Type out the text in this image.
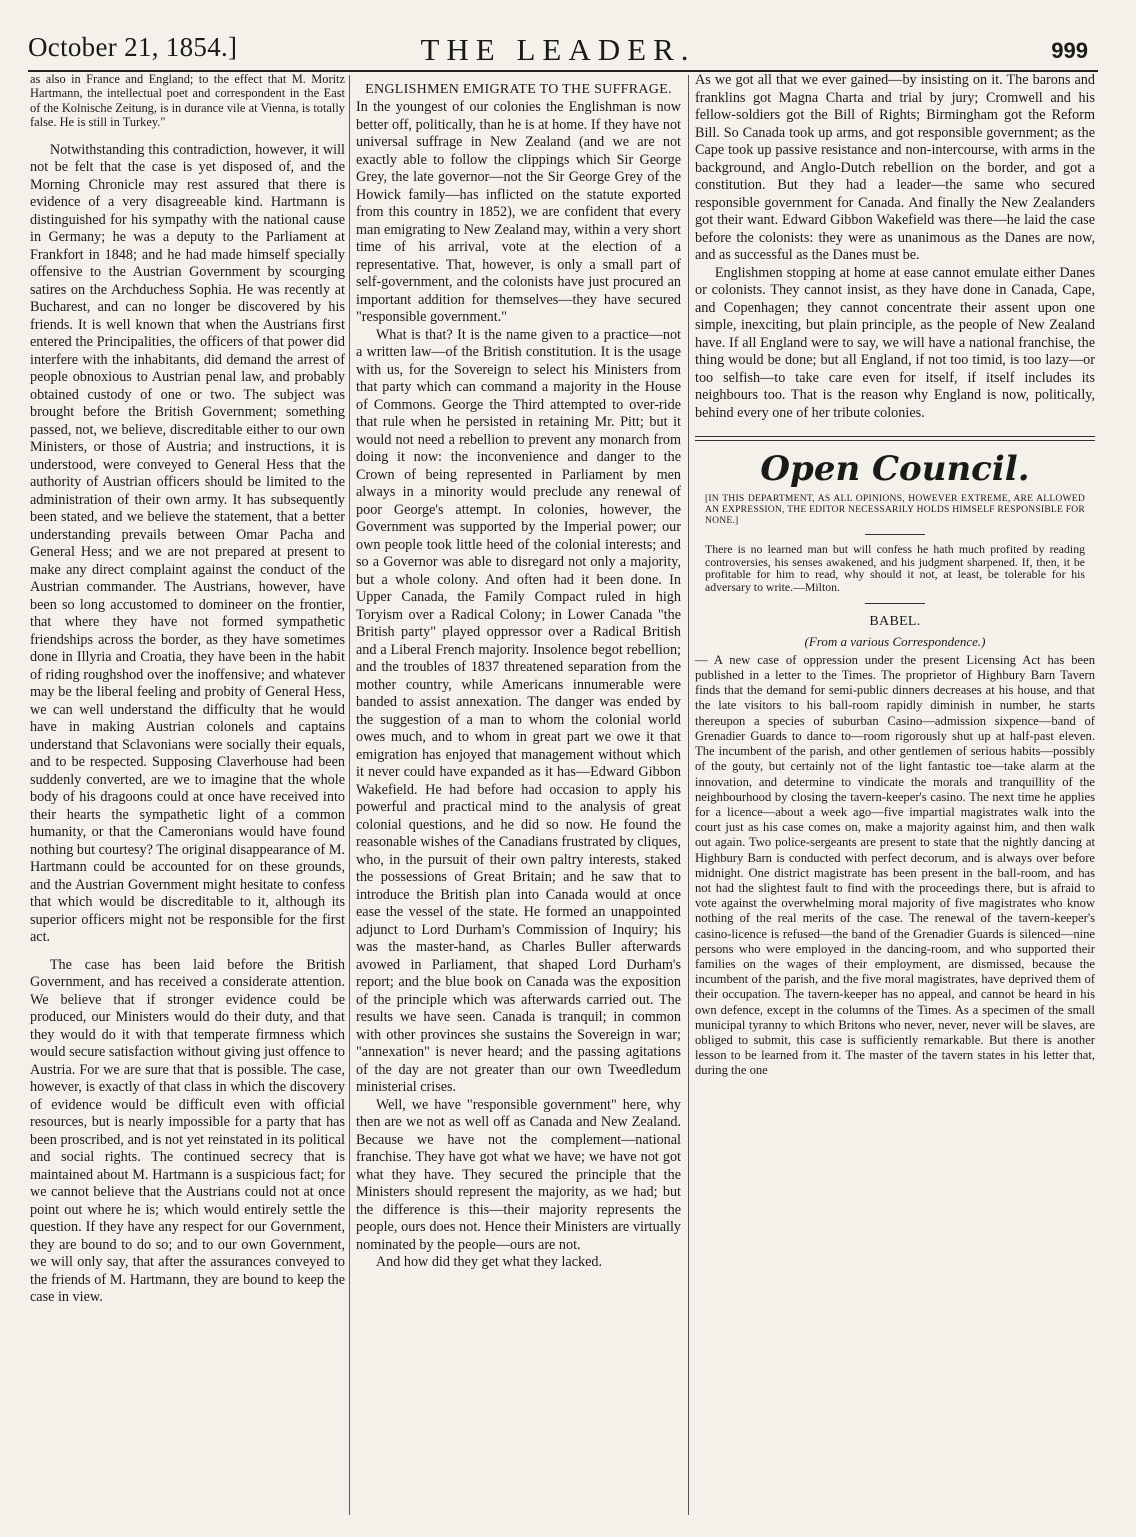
October 21, 1854.]	THE LEADER.	999
as also in France and England; to the effect that M. Moritz Hartmann, the intellectual poet and correspondent in the East of the Kolnische Zeitung, is in durance vile at Vienna, is totally false. He is still in Turkey."

Notwithstanding this contradiction, however, it will not be felt that the case is yet disposed of, and the Morning Chronicle may rest assured that there is evidence of a very disagreeable kind. Hartmann is distinguished for his sympathy with the national cause in Germany; he was a deputy to the Parliament at Frankfort in 1848; and he had made himself specially offensive to the Austrian Government by scourging satires on the Archduchess Sophia. He was recently at Bucharest, and can no longer be discovered by his friends. It is well known that when the Austrians first entered the Principalities, the officers of that power did interfere with the inhabitants, did demand the arrest of people obnoxious to Austrian penal law, and probably obtained custody of one or two. The subject was brought before the British Government; something passed, not, we believe, discreditable either to our own Ministers, or those of Austria; and instructions, it is understood, were conveyed to General Hess that the authority of Austrian officers should be limited to the administration of their own army. It has subsequently been stated, and we believe the statement, that a better understanding prevails between Omar Pacha and General Hess; and we are not prepared at present to make any direct complaint against the conduct of the Austrian commander. The Austrians, however, have been so long accustomed to domineer on the frontier, that where they have not formed sympathetic friendships across the border, as they have sometimes done in Illyria and Croatia, they have been in the habit of riding roughshod over the inoffensive; and whatever may be the liberal feeling and probity of General Hess, we can well understand the difficulty that he would have in making Austrian colonels and captains understand that Sclavonians were socially their equals, and to be respected. Supposing Claverhouse had been suddenly converted, are we to imagine that the whole body of his dragoons could at once have received into their hearts the sympathetic light of a common humanity, or that the Cameronians would have found nothing but courtesy? The original disappearance of M. Hartmann could be accounted for on these grounds, and the Austrian Government might hesitate to confess that which would be discreditable to it, although its superior officers might not be responsible for the first act.

The case has been laid before the British Government, and has received a considerate attention. We believe that if stronger evidence could be produced, our Ministers would do their duty, and that they would do it with that temperate firmness which would secure satisfaction without giving just offence to Austria. For we are sure that that is possible. The case, however, is exactly of that class in which the discovery of evidence would be difficult even with official resources, but is nearly impossible for a party that has been proscribed, and is not yet reinstated in its political and social rights. The continued secrecy that is maintained about M. Hartmann is a suspicious fact; for we cannot believe that the Austrians could not at once point out where he is; which would entirely settle the question. If they have any respect for our Government, they are bound to do so; and to our own Government, we will only say, that after the assurances conveyed to the friends of M. Hartmann, they are bound to keep the case in view.

ENGLISHMEN EMIGRATE TO THE SUFFRAGE.

In the youngest of our colonies the Englishman is now better off, politically, than he is at home. If they have not universal suffrage in New Zealand (and we are not exactly able to follow the clippings which Sir George Grey, the late governor—not the Sir George Grey of the Howick family—has inflicted on the statute exported from this country in 1852), we are confident that every man emigrating to New Zealand may, within a very short time of his arrival, vote at the election of a representative. That, however, is only a small part of self-government, and the colonists have just procured an important addition for themselves—they have secured "responsible government."

What is that? It is the name given to a practice—not a written law—of the British constitution. It is the usage with us, for the Sovereign to select his Ministers from that party which can command a majority in the House of Commons. George the Third attempted to over-ride that rule when he persisted in retaining Mr. Pitt; but it would not need a rebellion to prevent any monarch from doing it now: the inconvenience and danger to the Crown of being represented in Parliament by men always in a minority would preclude any renewal of poor George's attempt. In colonies, however, the Government was supported by the Imperial power; our own people took little heed of the colonial interests; and so a Governor was able to disregard not only a majority, but a whole colony. And often had it been done. In Upper Canada, the Family Compact ruled in high Toryism over a Radical Colony; in Lower Canada "the British party" played oppressor over a Radical British and a Liberal French majority. Insolence begot rebellion; and the troubles of 1837 threatened separation from the mother country, while Americans innumerable were banded to assist annexation. The danger was ended by the suggestion of a man to whom the colonial world owes much, and to whom in great part we owe it that emigration has enjoyed that management without which it never could have expanded as it has—Edward Gibbon Wakefield. He had before had occasion to apply his powerful and practical mind to the analysis of great colonial questions, and he did so now. He found the reasonable wishes of the Canadians frustrated by cliques, who, in the pursuit of their own paltry interests, staked the possessions of Great Britain; and he saw that to introduce the British plan into Canada would at once ease the vessel of the state. He formed an unappointed adjunct to Lord Durham's Commission of Inquiry; his was the master-hand, as Charles Buller afterwards avowed in Parliament, that shaped Lord Durham's report; and the blue book on Canada was the exposition of the principle which was afterwards carried out. The results we have seen. Canada is tranquil; in common with other provinces she sustains the Sovereign in war; "annexation" is never heard; and the passing agitations of the day are not greater than our own Tweedledum ministerial crises.

Well, we have "responsible government" here, why then are we not as well off as Canada and New Zealand. Because we have not the complement—national franchise. They have got what we have; we have not got what they have. They secured the principle that the Ministers should represent the majority, as we had; but the difference is this—their majority represents the people, ours does not. Hence their Ministers are virtually nominated by the people—ours are not.

And how did they get what they lacked.

As we got all that we ever gained—by insisting on it. The barons and franklins got Magna Charta and trial by jury; Cromwell and his fellow-soldiers got the Bill of Rights; Birmingham got the Reform Bill. So Canada took up arms, and got responsible government; as the Cape took up passive resistance and non-intercourse, with arms in the background, and Anglo-Dutch rebellion on the border, and got a constitution. But they had a leader—the same who secured responsible government for Canada. And finally the New Zealanders got their want. Edward Gibbon Wakefield was there—he laid the case before the colonists: they were as unanimous as the Danes are now, and as successful as the Danes must be.

Englishmen stopping at home at ease cannot emulate either Danes or colonists. They cannot insist, as they have done in Canada, Cape, and Copenhagen; they cannot concentrate their assent upon one simple, inexciting, but plain principle, as the people of New Zealand have. If all England were to say, we will have a national franchise, the thing would be done; but all England, if not too timid, is too lazy—or too selfish—to take care even for itself, if itself includes its neighbours too. That is the reason why England is now, politically, behind every one of her tribute colonies.

Open Council.
[IN THIS DEPARTMENT, AS ALL OPINIONS, HOWEVER EXTREME, ARE ALLOWED AN EXPRESSION, THE EDITOR NECESSARILY HOLDS HIMSELF RESPONSIBLE FOR NONE.]
There is no learned man but will confess he hath much profited by reading controversies, his senses awakened, and his judgment sharpened. If, then, it be profitable for him to read, why should it not, at least, be tolerable for his adversary to write.—Milton.
BABEL.
(From a various Correspondence.)
— A new case of oppression under the present Licensing Act has been published in a letter to the Times. The proprietor of Highbury Barn Tavern finds that the demand for semi-public dinners decreases at his house, and that the late visitors to his ball-room rapidly diminish in number, he starts thereupon a species of suburban Casino—admission sixpence—band of Grenadier Guards to dance to—room rigorously shut up at half-past eleven. The incumbent of the parish, and other gentlemen of serious habits—possibly of the gouty, but certainly not of the light fantastic toe—take alarm at the innovation, and determine to vindicate the morals and tranquillity of the neighbourhood by closing the tavern-keeper's casino. The next time he applies for a licence—about a week ago—five impartial magistrates walk into the court just as his case comes on, make a majority against him, and then walk out again. Two police-sergeants are present to state that the nightly dancing at Highbury Barn is conducted with perfect decorum, and is always over before midnight. One district magistrate has been present in the ball-room, and has not had the slightest fault to find with the proceedings there, but is afraid to vote against the overwhelming moral majority of five magistrates who know nothing of the real merits of the case. The renewal of the tavern-keeper's casino-licence is refused—the band of the Grenadier Guards is silenced—nine persons who were employed in the dancing-room, and who supported their families on the wages of their employment, are dismissed, because the incumbent of the parish, and the five moral magistrates, have deprived them of their occupation. The tavern-keeper has no appeal, and cannot be heard in his own defence, except in the columns of the Times. As a specimen of the small municipal tyranny to which Britons who never, never, never will be slaves, are obliged to submit, this case is sufficiently remarkable. But there is another lesson to be learned from it. The master of the tavern states in his letter that, during the one
